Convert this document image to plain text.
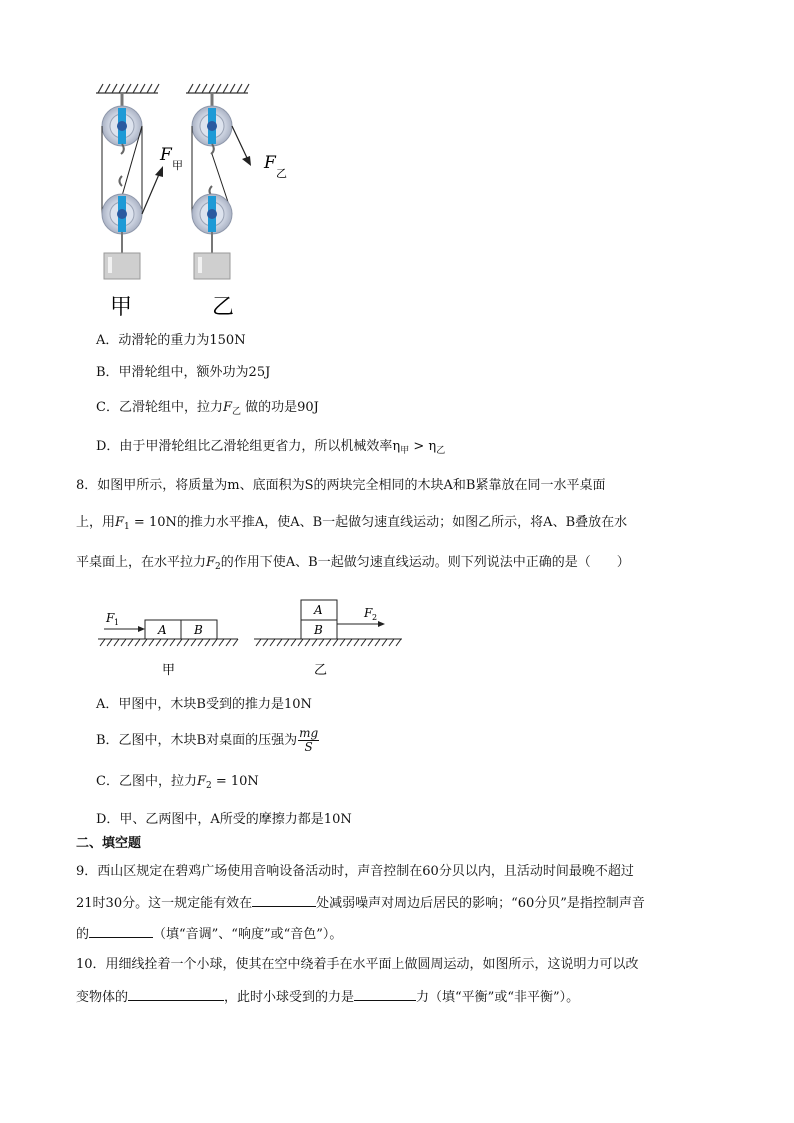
F
甲
甲
F
乙
乙
A．动滑轮的重力为150N
B．甲滑轮组中，额外功为25J
C．乙滑轮组中，拉力$F_乙$ 做的功是90J
D．由于甲滑轮组比乙滑轮组更省力，所以机械效率$\eta_甲 > \eta_乙$
8．如图甲所示，将质量为m、底面积为S的两块完全相同的木块A和B紧靠放在同一水平桌面
上，用$F_1 = 10N$的推力水平推A，使A、B一起做匀速直线运动；如图乙所示，将A、B叠放在水
平桌面上，在水平拉力$F_2$的作用下使A、B一起做匀速直线运动。则下列说法中正确的是（　　）
A B
F 1
甲
A
B
F 2
乙
A．甲图中，木块B受到的推力是10N
B．乙图中，木块B对桌面的压强为 $\frac{mg}{S}$
C．乙图中，拉力$F_2 = 10N$
D．甲、乙两图中，A所受的摩擦力都是10N
二、填空题
9．西山区规定在碧鸡广场使用音响设备活动时，声音控制在60分贝以内，且活动时间最晚不超过
21时30分。这一规定能有效在	处减弱噪声对周边后居民的影响；“60分贝”是指控制声音
的	（填“音调”、“响度”或“音色”）。
10．用细线拴着一个小球，使其在空中绕着手在水平面上做圆周运动，如图所示，这说明力可以改
变物体的	，此时小球受到的力是	力（填“平衡”或“非平衡”）。
